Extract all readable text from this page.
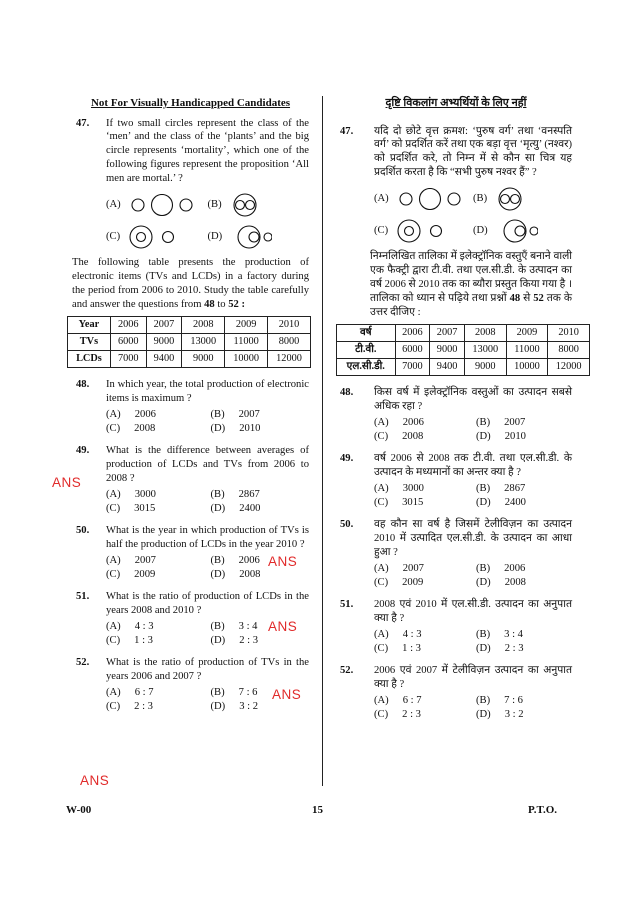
Not For Visually Handicapped Candidates
47. If two small circles represent the class of the ‘men’ and the class of the ‘plants’ and the big circle represents ‘mortality’, which one of the following figures represent the proposition ‘All men are mortal.’ ?
(A)	(B)
(C)	(D)
The following table presents the production of electronic items (TVs and LCDs) in a factory during the period from 2006 to 2010. Study the table carefully and answer the questions from 48 to 52 :
Year	2006	2007	2008	2009	2010
TVs	6000	9000	13000	11000	8000
LCDs	7000	9400	9000	10000	12000
48. In which year, the total production of electronic items is maximum ?
(A) 2006	(B) 2007
(C) 2008	(D) 2010
49. What is the difference between averages of production of LCDs and TVs from 2006 to 2008 ?
(A) 3000	(B) 2867
(C) 3015	(D) 2400
50. What is the year in which production of TVs is half the production of LCDs in the year 2010 ?
(A) 2007	(B) 2006
(C) 2009	(D) 2008
51. What is the ratio of production of LCDs in the years 2008 and 2010 ?
(A) 4 : 3	(B) 3 : 4
(C) 1 : 3	(D) 2 : 3
52. What is the ratio of production of TVs in the years 2006 and 2007 ?
(A) 6 : 7	(B) 7 : 6
(C) 2 : 3	(D) 3 : 2
दृष्टि विकलांग अभ्यर्थियों के लिए नहीं
47. यदि दो छोटे वृत्त क्रमश: ‘पुरुष वर्ग’ तथा ‘वनस्पति वर्ग’ को प्रदर्शित करें तथा एक बड़ा वृत्त ‘मृत्यु’ (नश्वर) को प्रदर्शित करे, तो निम्न में से कौन सा चित्र यह प्रदर्शित करता है कि “सभी पुरुष नश्वर हैं” ?
(A)	(B)
(C)	(D)
निम्नलिखित तालिका में इलेक्ट्रॉनिक वस्तुएँ बनाने वाली एक फैक्ट्री द्वारा टी.वी. तथा एल.सी.डी. के उत्पादन का वर्ष 2006 से 2010 तक का ब्यौरा प्रस्तुत किया गया है । तालिका को ध्यान से पढ़िये तथा प्रश्नों 48 से 52 तक के उत्तर दीजिए :
वर्ष	2006	2007	2008	2009	2010
टी.वी.	6000	9000	13000	11000	8000
एल.सी.डी.	7000	9400	9000	10000	12000
48. किस वर्ष में इलेक्ट्रॉनिक वस्तुओं का उत्पादन सबसे अधिक रहा ?
(A) 2006	(B) 2007
(C) 2008	(D) 2010
49. वर्ष 2006 से 2008 तक टी.वी. तथा एल.सी.डी. के उत्पादन के मध्यमानों का अन्तर क्या है ?
(A) 3000	(B) 2867
(C) 3015	(D) 2400
50. वह कौन सा वर्ष है जिसमें टेलीविज़न का उत्पादन 2010 में उत्पादित एल.सी.डी. के उत्पादन का आधा हुआ ?
(A) 2007	(B) 2006
(C) 2009	(D) 2008
51. 2008 एवं 2010 में एल.सी.डी. उत्पादन का अनुपात क्या है ?
(A) 4 : 3	(B) 3 : 4
(C) 1 : 3	(D) 2 : 3
52. 2006 एवं 2007 में टेलीविज़न उत्पादन का अनुपात क्या है ?
(A) 6 : 7	(B) 7 : 6
(C) 2 : 3	(D) 3 : 2
ANS
ANS
ANS
ANS
ANS
W-00	15	P.T.O.
